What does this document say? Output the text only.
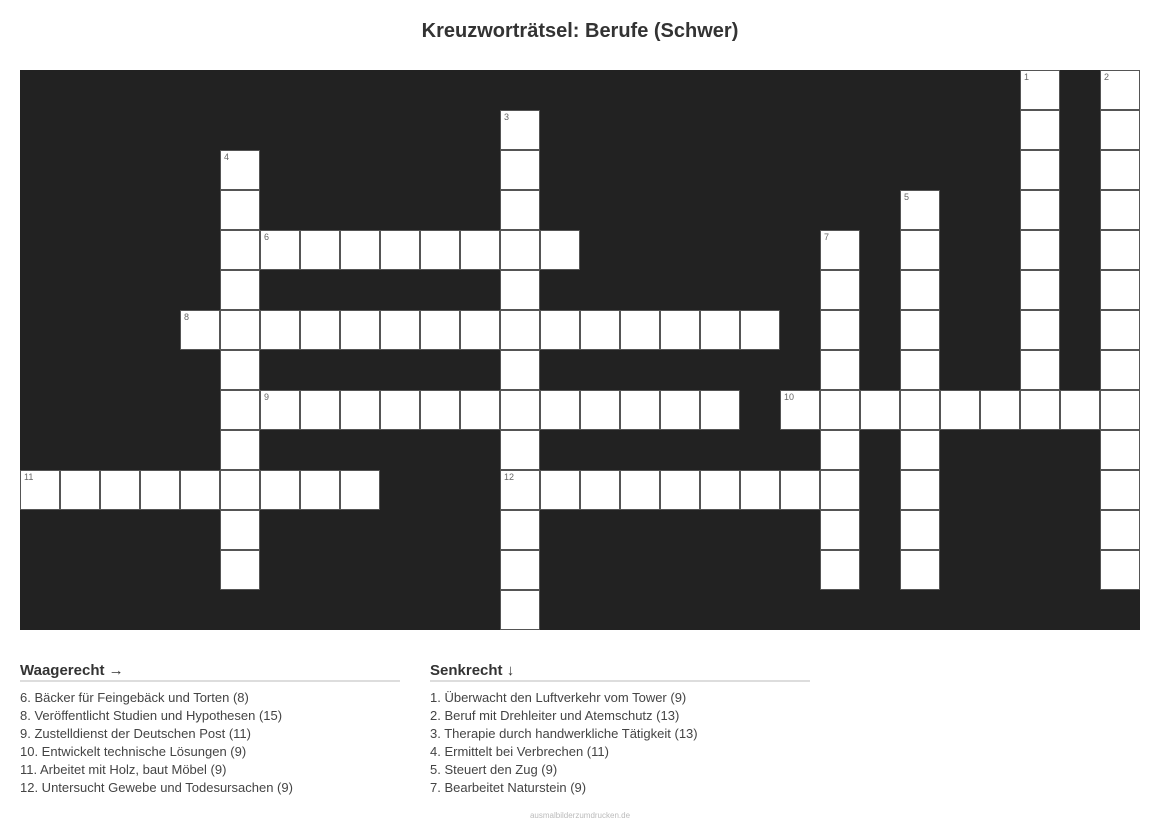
Kreuzworträtsel: Berufe (Schwer)
6
8
9	10
11	12
1	2
3
4
5
7
Waagerecht →
6. Bäcker für Feingebäck und Torten (8)
8. Veröffentlicht Studien und Hypothesen (15)
9. Zustelldienst der Deutschen Post (11)
10. Entwickelt technische Lösungen (9)
11. Arbeitet mit Holz, baut Möbel (9)
12. Untersucht Gewebe und Todesursachen (9)
Senkrecht ↓
1. Überwacht den Luftverkehr vom Tower (9)
2. Beruf mit Drehleiter und Atemschutz (13)
3. Therapie durch handwerkliche Tätigkeit (13)
4. Ermittelt bei Verbrechen (11)
5. Steuert den Zug (9)
7. Bearbeitet Naturstein (9)
ausmalbilderzumdrucken.de
